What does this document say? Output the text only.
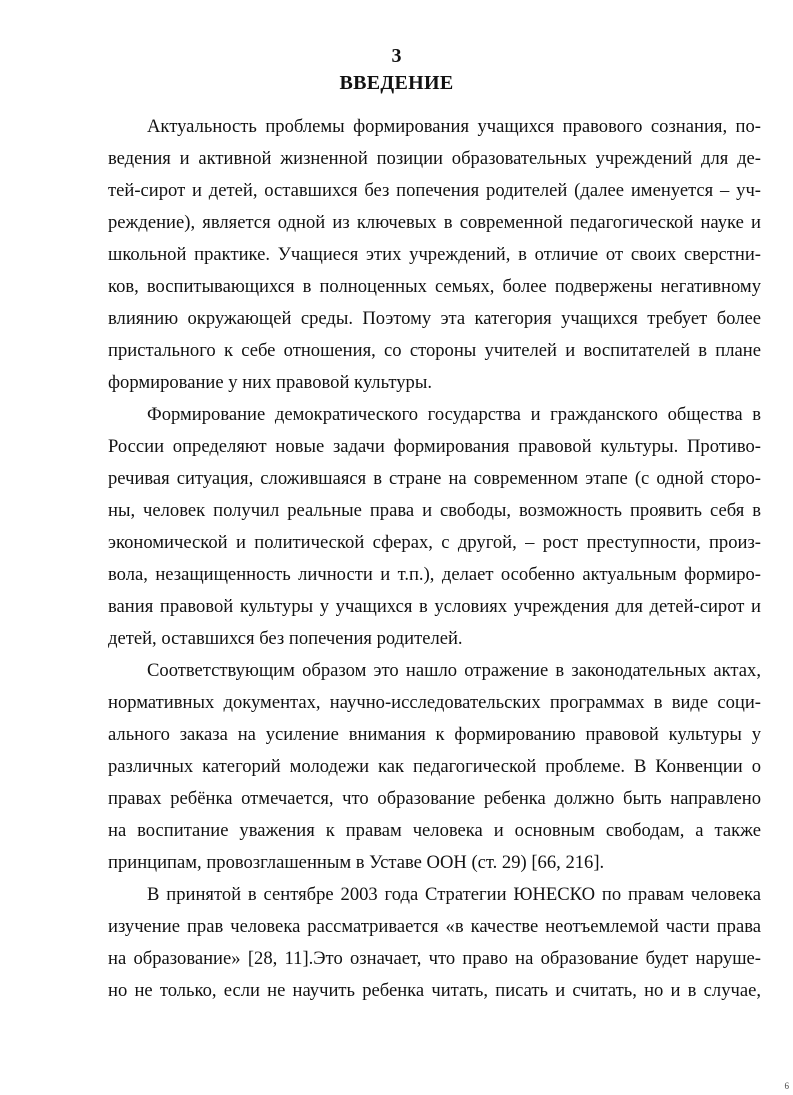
3
ВВЕДЕНИЕ
Актуальность проблемы формирования учащихся правового сознания, по-
ведения и активной жизненной позиции образовательных учреждений для де-
тей-сирот и детей, оставшихся без попечения родителей (далее именуется – уч-
реждение), является одной из ключевых в современной педагогической науке и
школьной практике. Учащиеся этих учреждений, в отличие от своих сверстни-
ков, воспитывающихся в полноценных семьях, более подвержены негативному
влиянию окружающей среды. Поэтому эта категория учащихся требует более
пристального к себе отношения, со стороны учителей и воспитателей в плане
формирование у них правовой культуры.
Формирование демократического государства и гражданского общества в
России определяют новые задачи формирования правовой культуры. Противо-
речивая ситуация, сложившаяся в стране на современном этапе (с одной сторо-
ны, человек получил реальные права и свободы, возможность проявить себя в
экономической и политической сферах, с другой, – рост преступности, произ-
вола, незащищенность личности и т.п.), делает особенно актуальным формиро-
вания правовой культуры у учащихся в условиях учреждения для детей-сирот и
детей, оставшихся без попечения родителей.
Соответствующим образом это нашло отражение в законодательных актах,
нормативных документах, научно-исследовательских программах в виде соци-
ального заказа на усиление внимания к формированию правовой культуры у
различных категорий молодежи как педагогической проблеме. В Конвенции о
правах ребёнка отмечается, что образование ребенка должно быть направлено
на воспитание уважения к правам человека и основным свободам, а также
принципам, провозглашенным в Уставе ООН (ст. 29) [66, 216].
В принятой в сентябре 2003 года Стратегии ЮНЕСКО по правам человека
изучение прав человека рассматривается «в качестве неотъемлемой части права
на образование» [28, 11].Это означает, что право на образование будет наруше-
но не только, если не научить ребенка читать, писать и считать, но и в случае,
6
